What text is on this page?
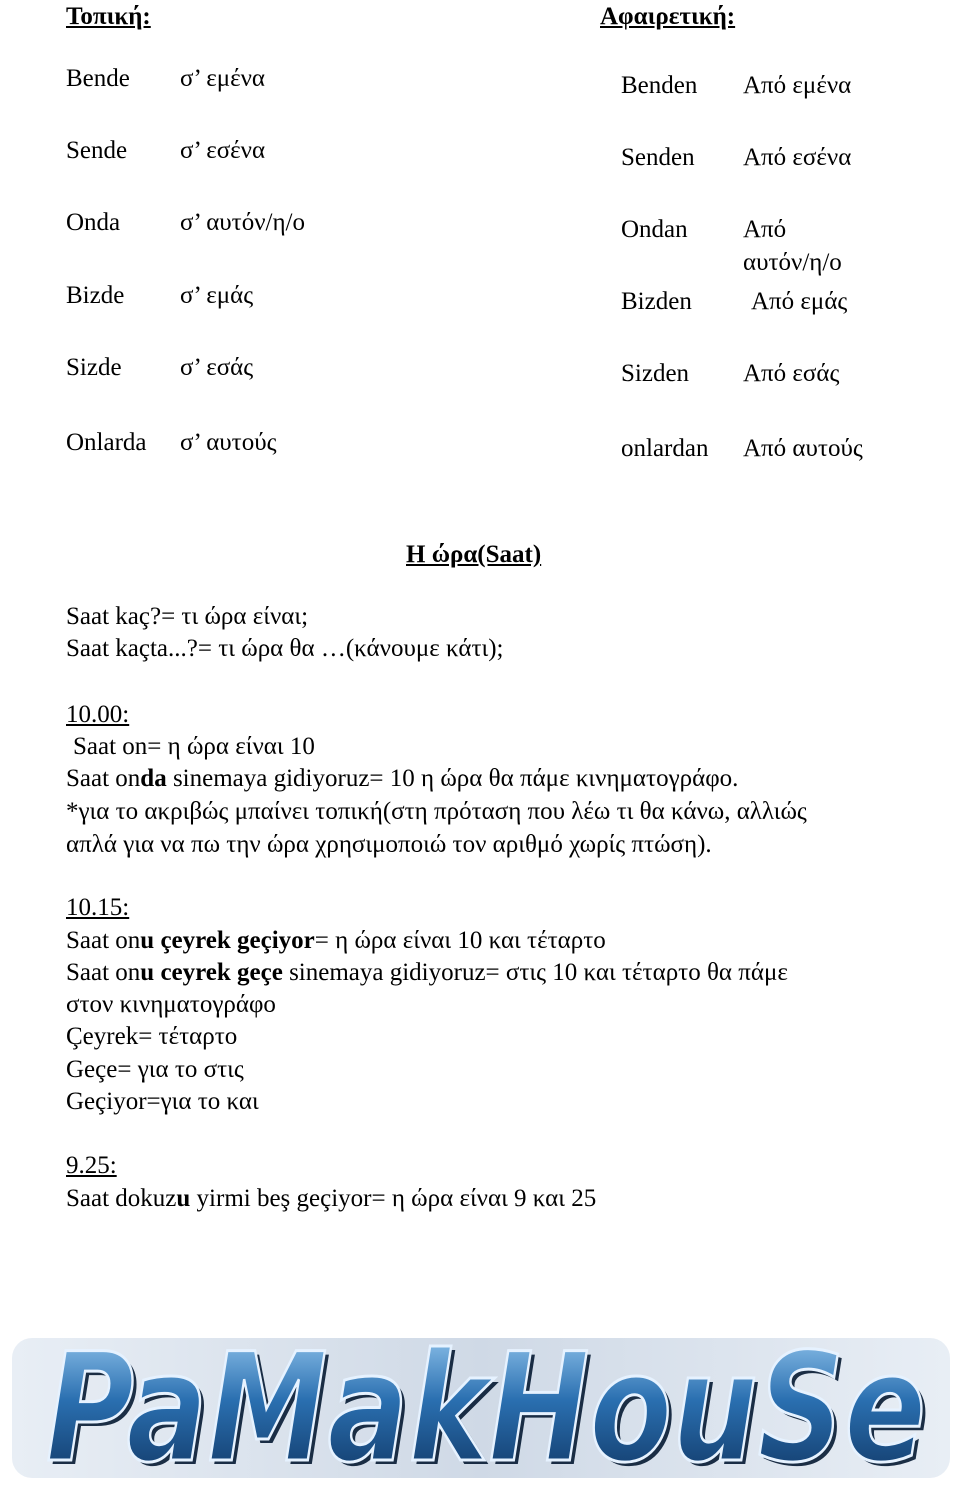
Τοπική:
Bende σ’ εμένα
Sende σ’ εσένα
Onda σ’ αυτόν/η/ο
Bizde σ’ εμάς
Sizde σ’ εσάς
Onlarda σ’ αυτούς
Αφαιρετική:
Benden Από εμένα
Senden Από εσένα
Ondan Από
αυτόν/η/ο
Bizden Από εμάς
Sizden Από εσάς
onlardan Από αυτούς
Η ώρα(Saat)
Saat kaç?= τι ώρα είναι;
Saat kaçta...?= τι ώρα θα …(κάνουμε κάτι);
10.00:
Saat on= η ώρα είναι 10
Saat onda sinemaya gidiyoruz= 10 η ώρα θα πάμε κινηματογράφο.
*για το ακριβώς μπαίνει τοπική(στη πρόταση που λέω τι θα κάνω, αλλιώς
απλά για να πω την ώρα χρησιμοποιώ τον αριθμό χωρίς πτώση).
10.15:
Saat onu çeyrek geçiyor= η ώρα είναι 10 και τέταρτο
Saat onu ceyrek geçe sinemaya gidiyoruz= στις 10 και τέταρτο θα πάμε
στον κινηματογράφο
Çeyrek= τέταρτο
Geçe= για το στις
Geçiyor=για το και
9.25:
Saat dokuzu yirmi beş geçiyor= η ώρα είναι 9 και 25
PaMakHouSe
PaMakHouSe
